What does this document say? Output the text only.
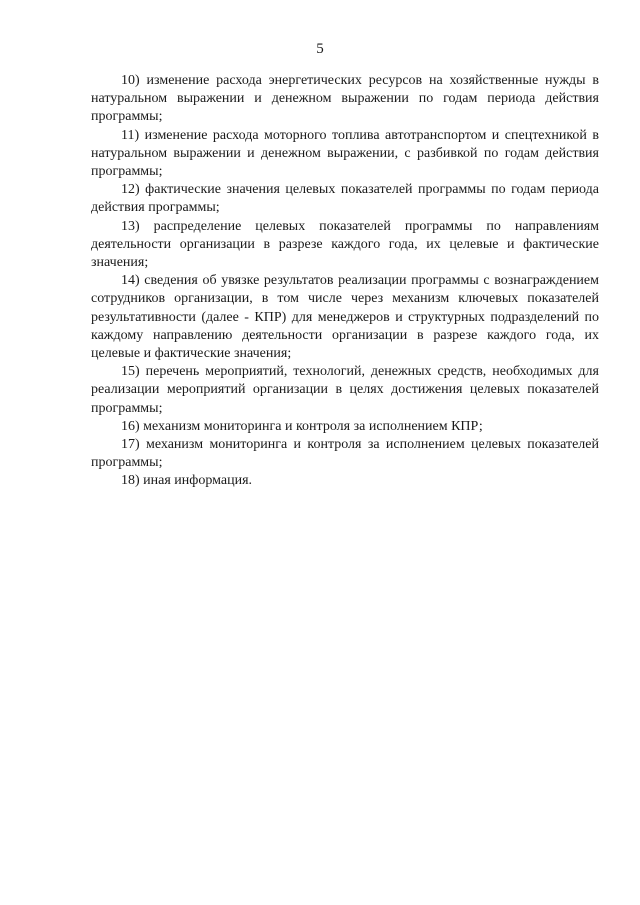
5

10) изменение расхода энергетических ресурсов на хозяйственные нужды в натуральном выражении и денежном выражении по годам периода действия программы;

11) изменение расхода моторного топлива автотранспортом и спецтехникой в натуральном выражении и денежном выражении, с разбивкой по годам действия программы;

12) фактические значения целевых показателей программы по годам периода действия программы;

13) распределение целевых показателей программы по направлениям деятельности организации в разрезе каждого года, их целевые и фактические значения;

14) сведения об увязке результатов реализации программы с вознаграждением сотрудников организации, в том числе через механизм ключевых показателей результативности (далее - КПР) для менеджеров и структурных подразделений по каждому направлению деятельности организации в разрезе каждого года, их целевые и фактические значения;

15) перечень мероприятий, технологий, денежных средств, необходимых для реализации мероприятий организации в целях достижения целевых показателей программы;

16) механизм мониторинга и контроля за исполнением КПР;

17) механизм мониторинга и контроля за исполнением целевых показателей программы;

18) иная информация.
